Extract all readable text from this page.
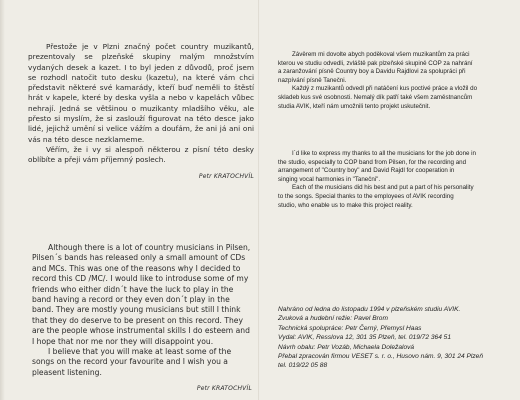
Přestože je v Plzni značný počet country muzikantů, prezentovaly se plzeňské skupiny malým množstvím vydaných desek a kazet. I to byl jeden z důvodů, proč jsem se rozhodl natočit tuto desku (kazetu), na které vám chci představit některé své kamarády, kteří buď neměli to štěstí hrát v kapele, které by deska vyšla a nebo v kapelách vůbec nehrají. Jedná se většinou o muzikanty mladšího věku, ale přesto si myslím, že si zaslouží figurovat na této desce jako lidé, jejichž umění si velice vážím a doufám, že ani já ani oni vás na této desce nezklameme.

Věřím, že i vy si alespoň některou z písní této desky oblíbíte a přeji vám příjemný poslech.

Petr KRATOCHVÍL

Although there is a lot of country musicians in Pilsen, Pilsen´s bands has released only a small amount of CDs and MCs. This was one of the reasons why I decided to record this CD /MC/. I would like to introduse some of my friends who either didn´t have the luck to play in the band having a record or they even don´t play in the band. They are mostly young musicians but still I think that they do deserve to be present on this record. They are the people whose instrumental skills I do esteem and I hope that nor me nor they will disappoint you.

I believe that you will make at least some of the songs on the record your favourite and I wish you a pleasent listening.

Petr KRATOCHVÍL

Závěrem mi dovolte abych poděkoval všem muzikantům za práci

kterou ve studiu odvedli, zvláště pak plzeňské skupině COP za nahrání
a zaranžování písně Country boy a Davidu Rajdlovi za spolupráci při
nazpívání písně Tanečni.

Každý z muzikantů odvedl při natáčení kus poctivé práce a vložil do

skladeb kus své osobnosti. Nemalý dík patří také všem zaměstnancům
studia AVIK, kteří nám umožnili tento projekt uskutečnit.

I´d like to express my thanks to all the musicians for the job done in

the studio, especially to COP band from Pilsen, for the recording and
arrangement of "Country boy" and David Rajdl for cooperation in
singing vocal harmonies in "Tanečni".

Each of the musicians did his best and put a part of his personality

to the songs. Special thanks to the employees of AVIK recording
studio, who enable us to make this project reality.
Nahráno od ledna do listopadu 1994 v plzeňském studiu AVIK.
Zvuková a hudební režie: Pavel Brom
Technická spolupráce: Petr Černý, Přemysl Haas
Vydal: AVIK, Resslova 12, 301 35 Plzeň, tel. 019/72 364 51
Návrh obalu: Petr Vozáb, Michaela Doležalová
Přebal zpracován firmou VESET s. r. o., Husovo nám. 9, 301 24 Plzeň
tel. 019/22 05 88
